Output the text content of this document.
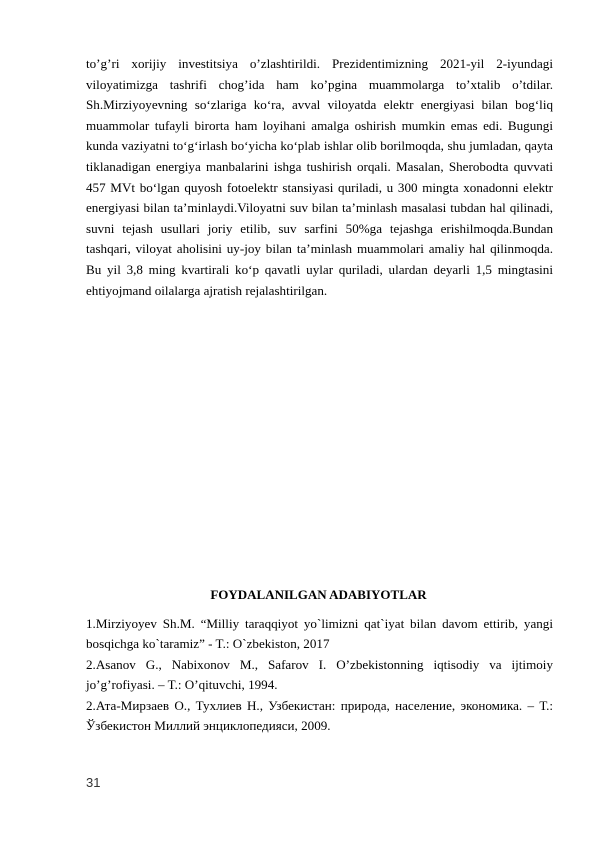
to’g’ri xorijiy investitsiya o’zlashtirildi. Prezidentimizning 2021-yil 2-iyundagi viloyatimizga tashrifi chog’ida ham ko’pgina muammolarga to’xtalib o’tdilar. Sh.Mirziyoyevning so‘zlariga ko‘ra, avval viloyatda elektr energiyasi bilan bog‘liq muammolar tufayli birorta ham loyihani amalga oshirish mumkin emas edi. Bugungi kunda vaziyatni to‘g‘irlash bo‘yicha ko‘plab ishlar olib borilmoqda, shu jumladan, qayta tiklanadigan energiya manbalarini ishga tushirish orqali. Masalan, Sherobodta quvvati 457 MVt bo‘lgan quyosh fotoelektr stansiyasi quriladi, u 300 mingta xonadonni elektr energiyasi bilan ta’minlaydi.Viloyatni suv bilan ta’minlash masalasi tubdan hal qilinadi, suvni tejash usullari joriy etilib, suv sarfini 50%ga tejashga erishilmoqda.Bundan tashqari, viloyat aholisini uy-joy bilan ta’minlash muammolari amaliy hal qilinmoqda. Bu yil 3,8 ming kvartirali ko‘p qavatli uylar quriladi, ulardan deyarli 1,5 mingtasini ehtiyojmand oilalarga ajratish rejalashtirilgan.

FOYDALANILGAN ADABIYOTLAR

1.Mirziyoyev Sh.M. “Milliy taraqqiyot yo`limizni qat`iyat bilan davom ettirib, yangi bosqichga ko`taramiz” - T.: O`zbekiston, 2017
2.Asanov G., Nabixonov M., Safarov I. O’zbekistonning iqtisodiy va ijtimoiy jo’g’rofiyasi. – T.: O’qituvchi, 1994.
2.Ата-Мирзаев О., Тухлиев Н., Узбекистан: природа, население, экономика. – Т.: Ўзбекистон Миллий энциклопедияси, 2009.
31
